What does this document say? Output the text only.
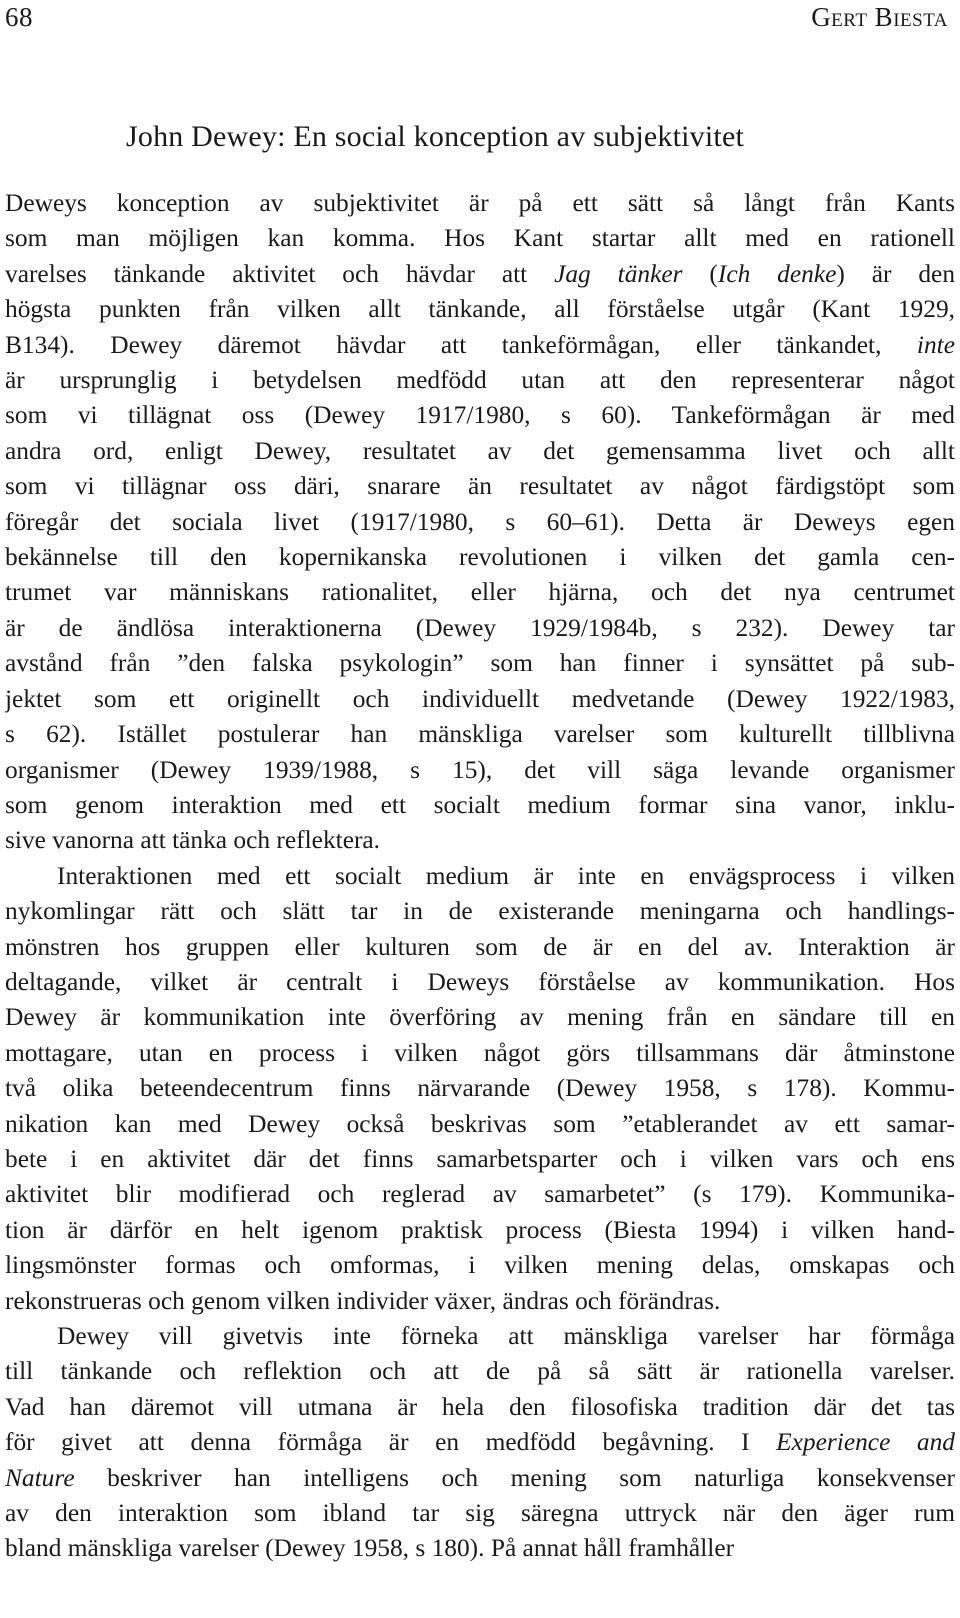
68	Gert Biesta
John Dewey: En social konception av subjektivitet

Deweys konception av subjektivitet är på ett sätt så långt från Kants
som man möjligen kan komma. Hos Kant startar allt med en rationell
varelses tänkande aktivitet och hävdar att Jag tänker (Ich denke) är den
högsta punkten från vilken allt tänkande, all förståelse utgår (Kant 1929,
B134). Dewey däremot hävdar att tankeförmågan, eller tänkandet, inte
är ursprunglig i betydelsen medfödd utan att den representerar något
som vi tillägnat oss (Dewey 1917/1980, s 60). Tankeförmågan är med
andra ord, enligt Dewey, resultatet av det gemensamma livet och allt
som vi tillägnar oss däri, snarare än resultatet av något färdigstöpt som
föregår det sociala livet (1917/1980, s 60–61). Detta är Deweys egen
bekännelse till den kopernikanska revolutionen i vilken det gamla cen-
trumet var människans rationalitet, eller hjärna, och det nya centrumet
är de ändlösa interaktionerna (Dewey 1929/1984b, s 232). Dewey tar
avstånd från ”den falska psykologin” som han finner i synsättet på sub-
jektet som ett originellt och individuellt medvetande (Dewey 1922/1983,
s 62). Istället postulerar han mänskliga varelser som kulturellt tillblivna
organismer (Dewey 1939/1988, s 15), det vill säga levande organismer
som genom interaktion med ett socialt medium formar sina vanor, inklu-
sive vanorna att tänka och reflektera.

Interaktionen med ett socialt medium är inte en envägsprocess i vilken
nykomlingar rätt och slätt tar in de existerande meningarna och handlings-
mönstren hos gruppen eller kulturen som de är en del av. Interaktion är
deltagande, vilket är centralt i Deweys förståelse av kommunikation. Hos
Dewey är kommunikation inte överföring av mening från en sändare till en
mottagare, utan en process i vilken något görs tillsammans där åtminstone
två olika beteendecentrum finns närvarande (Dewey 1958, s 178). Kommu-
nikation kan med Dewey också beskrivas som ”etablerandet av ett samar-
bete i en aktivitet där det finns samarbetsparter och i vilken vars och ens
aktivitet blir modifierad och reglerad av samarbetet” (s 179). Kommunika-
tion är därför en helt igenom praktisk process (Biesta 1994) i vilken hand-
lingsmönster formas och omformas, i vilken mening delas, omskapas och
rekonstrueras och genom vilken individer växer, ändras och förändras.

Dewey vill givetvis inte förneka att mänskliga varelser har förmåga
till tänkande och reflektion och att de på så sätt är rationella varelser.
Vad han däremot vill utmana är hela den filosofiska tradition där det tas
för givet att denna förmåga är en medfödd begåvning. I Experience and
Nature beskriver han intelligens och mening som naturliga konsekvenser
av den interaktion som ibland tar sig säregna uttryck när den äger rum
bland mänskliga varelser (Dewey 1958, s 180). På annat håll framhåller
